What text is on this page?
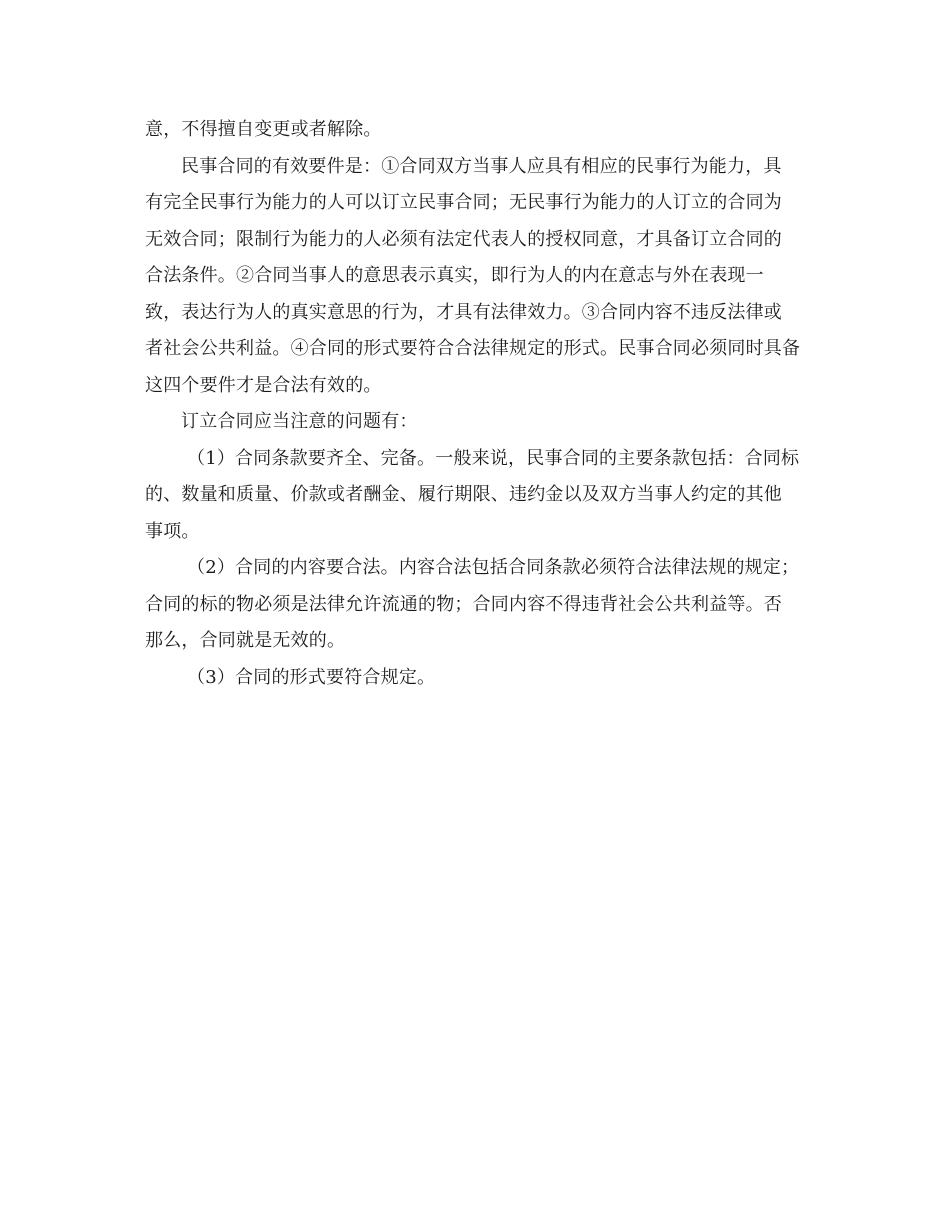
意，不得擅自变更或者解除。
民事合同的有效要件是：①合同双方当事人应具有相应的民事行为能力，具
有完全民事行为能力的人可以订立民事合同；无民事行为能力的人订立的合同为
无效合同；限制行为能力的人必须有法定代表人的授权同意，才具备订立合同的
合法条件。②合同当事人的意思表示真实，即行为人的内在意志与外在表现一
致，表达行为人的真实意思的行为，才具有法律效力。③合同内容不违反法律或
者社会公共利益。④合同的形式要符合合法律规定的形式。民事合同必须同时具备
这四个要件才是合法有效的。
订立合同应当注意的问题有：
（1）合同条款要齐全、完备。一般来说，民事合同的主要条款包括：合同标
的、数量和质量、价款或者酬金、履行期限、违约金以及双方当事人约定的其他
事项。
（2）合同的内容要合法。内容合法包括合同条款必须符合法律法规的规定；
合同的标的物必须是法律允许流通的物；合同内容不得违背社会公共利益等。否
那么，合同就是无效的。
（3）合同的形式要符合规定。
